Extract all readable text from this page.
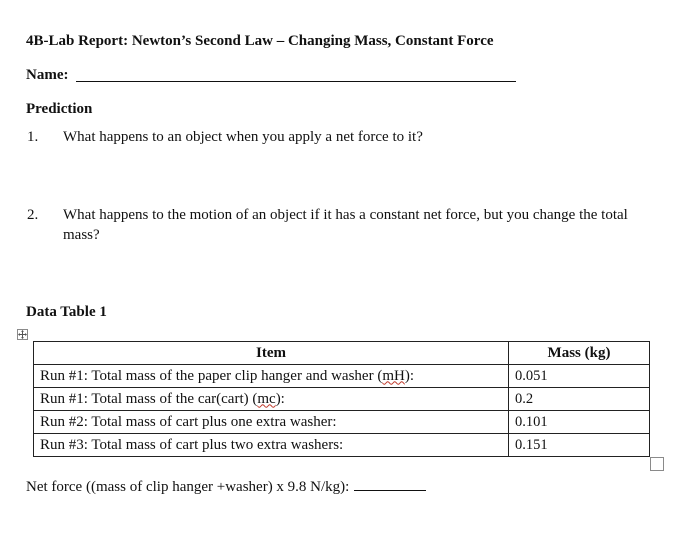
4B-Lab Report: Newton’s Second Law – Changing Mass, Constant Force
Name:
Prediction
1. What happens to an object when you apply a net force to it?
2. What happens to the motion of an object if it has a constant net force, but you change the total mass?
Data Table 1
Item	Mass (kg)
Run #1: Total mass of the paper clip hanger and washer (mH):	0.051
Run #1: Total mass of the car(cart) (mc):	0.2
Run #2: Total mass of cart plus one extra washer:	0.101
Run #3: Total mass of cart plus two extra washers:	0.151
Net force ((mass of clip hanger +washer) x 9.8 N/kg):
